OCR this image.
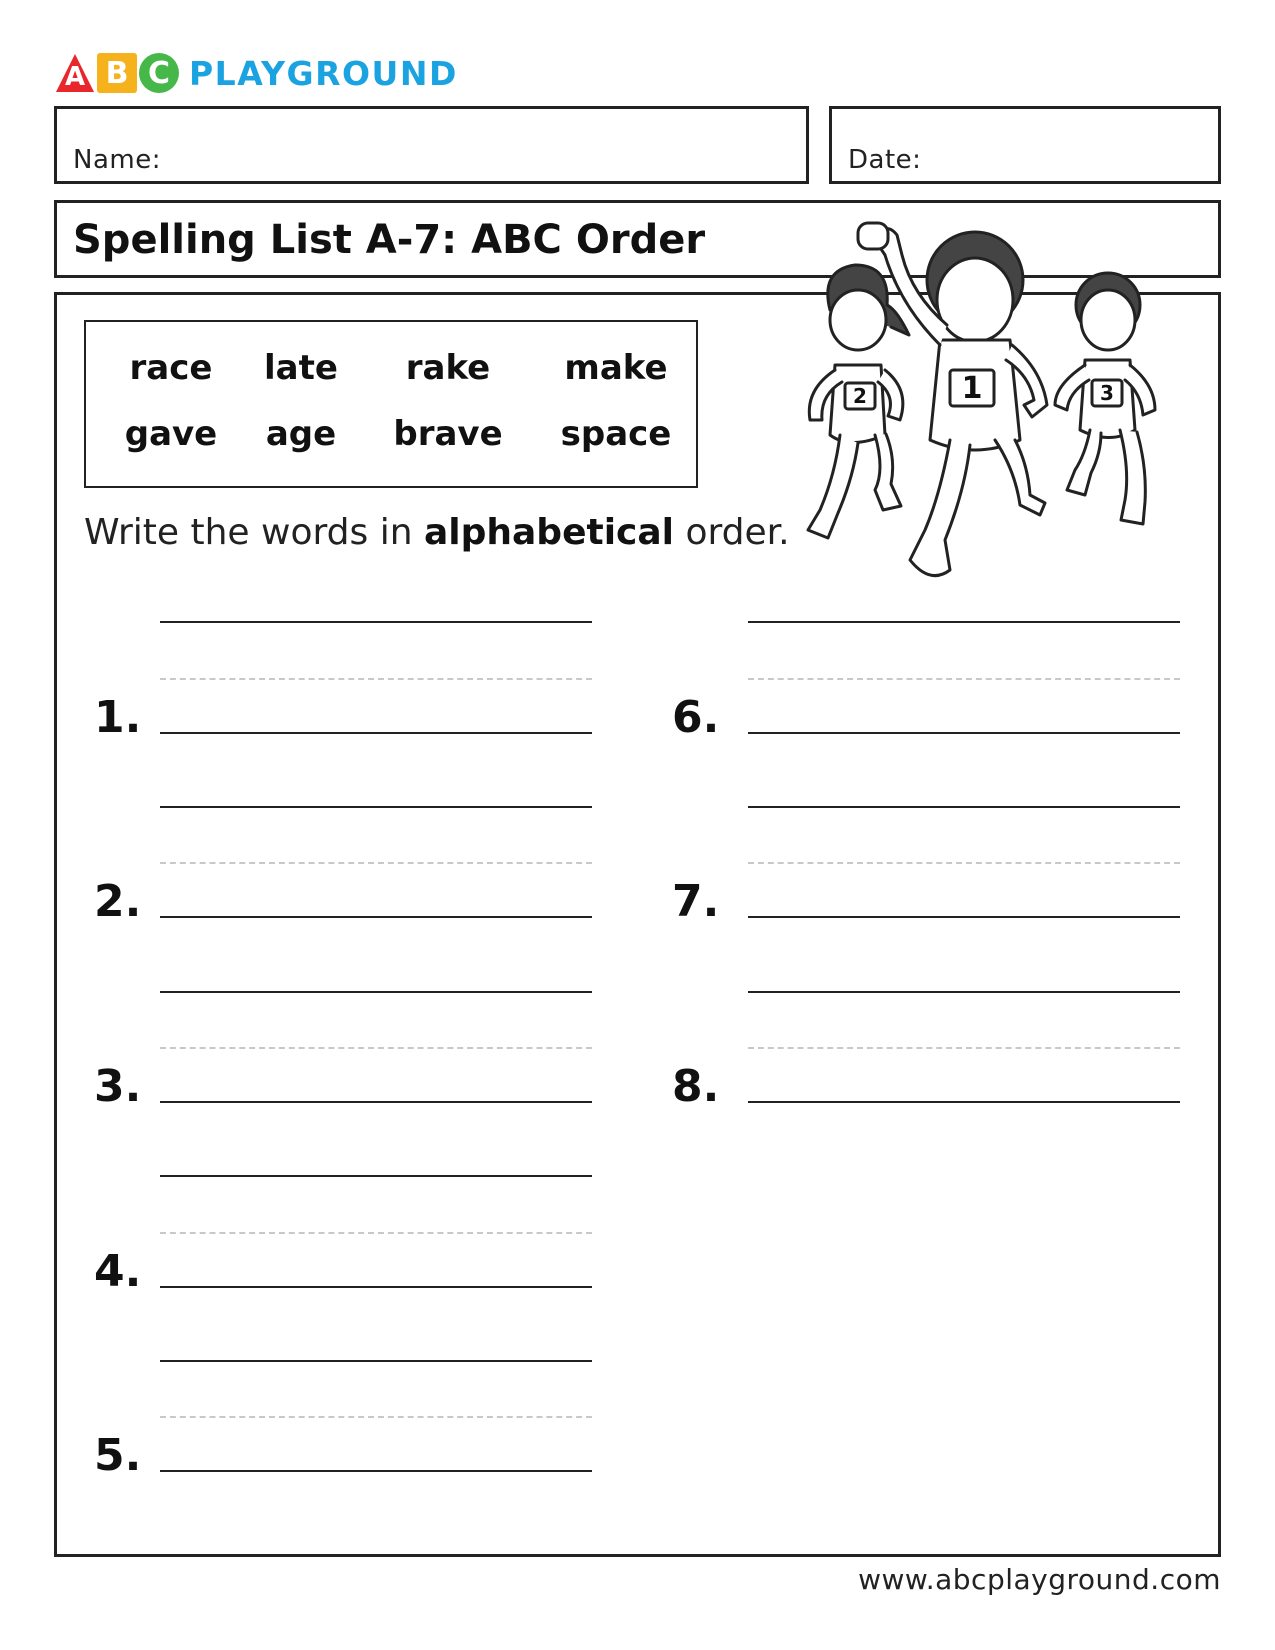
A B C PLAYGROUND
Name:	Date:
Spelling List A-7: ABC Order
race	late	rake	make
gave	age	brave	space
Write the words in alphabetical order.
2	1	3
1.
2.
3.
4.
5.
6.
7.
8.
www.abcplayground.com
